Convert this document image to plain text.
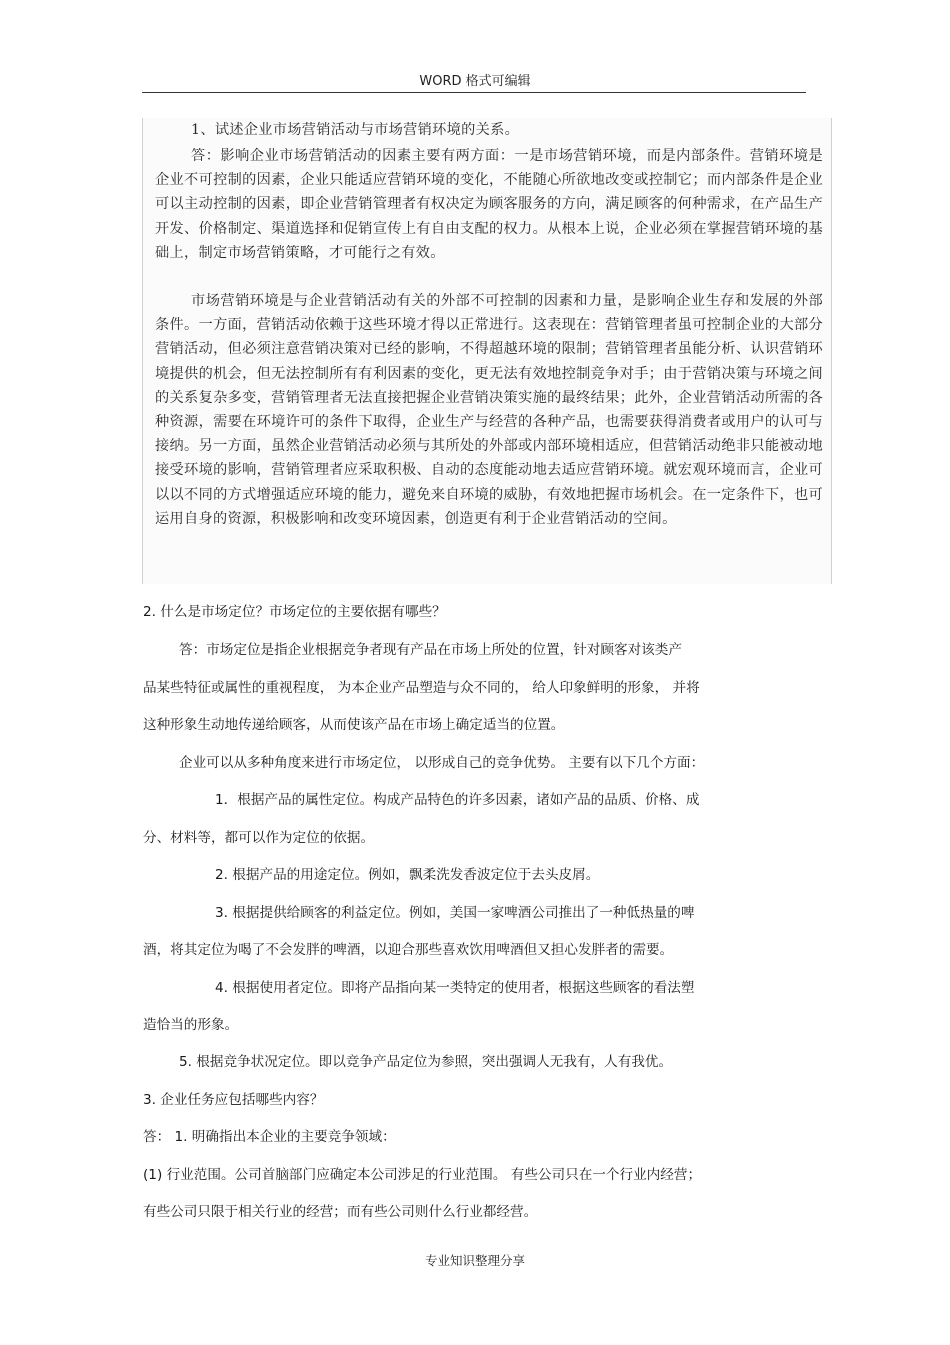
WORD 格式可编辑

1、试述企业市场营销活动与市场营销环境的关系。

答：影响企业市场营销活动的因素主要有两方面：一是市场营销环境，而是内部条件。营销环境是企业不可控制的因素，企业只能适应营销环境的变化，不能随心所欲地改变或控制它；而内部条件是企业可以主动控制的因素，即企业营销管理者有权决定为顾客服务的方向，满足顾客的何种需求，在产品生产开发、价格制定、渠道选择和促销宣传上有自由支配的权力。从根本上说，企业必须在掌握营销环境的基础上，制定市场营销策略，才可能行之有效。

市场营销环境是与企业营销活动有关的外部不可控制的因素和力量，是影响企业生存和发展的外部条件。一方面，营销活动依赖于这些环境才得以正常进行。这表现在：营销管理者虽可控制企业的大部分营销活动，但必须注意营销决策对已经的影响，不得超越环境的限制；营销管理者虽能分析、认识营销环境提供的机会，但无法控制所有有利因素的变化，更无法有效地控制竞争对手；由于营销决策与环境之间的关系复杂多变，营销管理者无法直接把握企业营销决策实施的最终结果；此外，企业营销活动所需的各种资源，需要在环境许可的条件下取得，企业生产与经营的各种产品，也需要获得消费者或用户的认可与接纳。另一方面，虽然企业营销活动必须与其所处的外部或内部环境相适应，但营销活动绝非只能被动地接受环境的影响，营销管理者应采取积极、自动的态度能动地去适应营销环境。就宏观环境而言，企业可以以不同的方式增强适应环境的能力，避免来自环境的威胁，有效地把握市场机会。在一定条件下，也可运用自身的资源，积极影响和改变环境因素，创造更有利于企业营销活动的空间。

2. 什么是市场定位？市场定位的主要依据有哪些？
答：市场定位是指企业根据竞争者现有产品在市场上所处的位置，针对顾客对该类产
品某些特征或属性的重视程度， 为本企业产品塑造与众不同的， 给人印象鲜明的形象， 并将
这种形象生动地传递给顾客，从而使该产品在市场上确定适当的位置。
企业可以从多种角度来进行市场定位， 以形成自己的竞争优势。 主要有以下几个方面：
1．根据产品的属性定位。构成产品特色的许多因素，诸如产品的品质、价格、成
分、材料等，都可以作为定位的依据。
2. 根据产品的用途定位。例如，飘柔洗发香波定位于去头皮屑。
3. 根据提供给顾客的利益定位。例如，美国一家啤酒公司推出了一种低热量的啤
酒，将其定位为喝了不会发胖的啤酒，以迎合那些喜欢饮用啤酒但又担心发胖者的需要。
4. 根据使用者定位。即将产品指向某一类特定的使用者，根据这些顾客的看法塑
造恰当的形象。
5. 根据竞争状况定位。即以竞争产品定位为参照，突出强调人无我有，人有我优。
3. 企业任务应包括哪些内容？
答： 1. 明确指出本企业的主要竞争领域：
(1) 行业范围。公司首脑部门应确定本公司涉足的行业范围。 有些公司只在一个行业内经营；
有些公司只限于相关行业的经营；而有些公司则什么行业都经营。
专业知识整理分享
